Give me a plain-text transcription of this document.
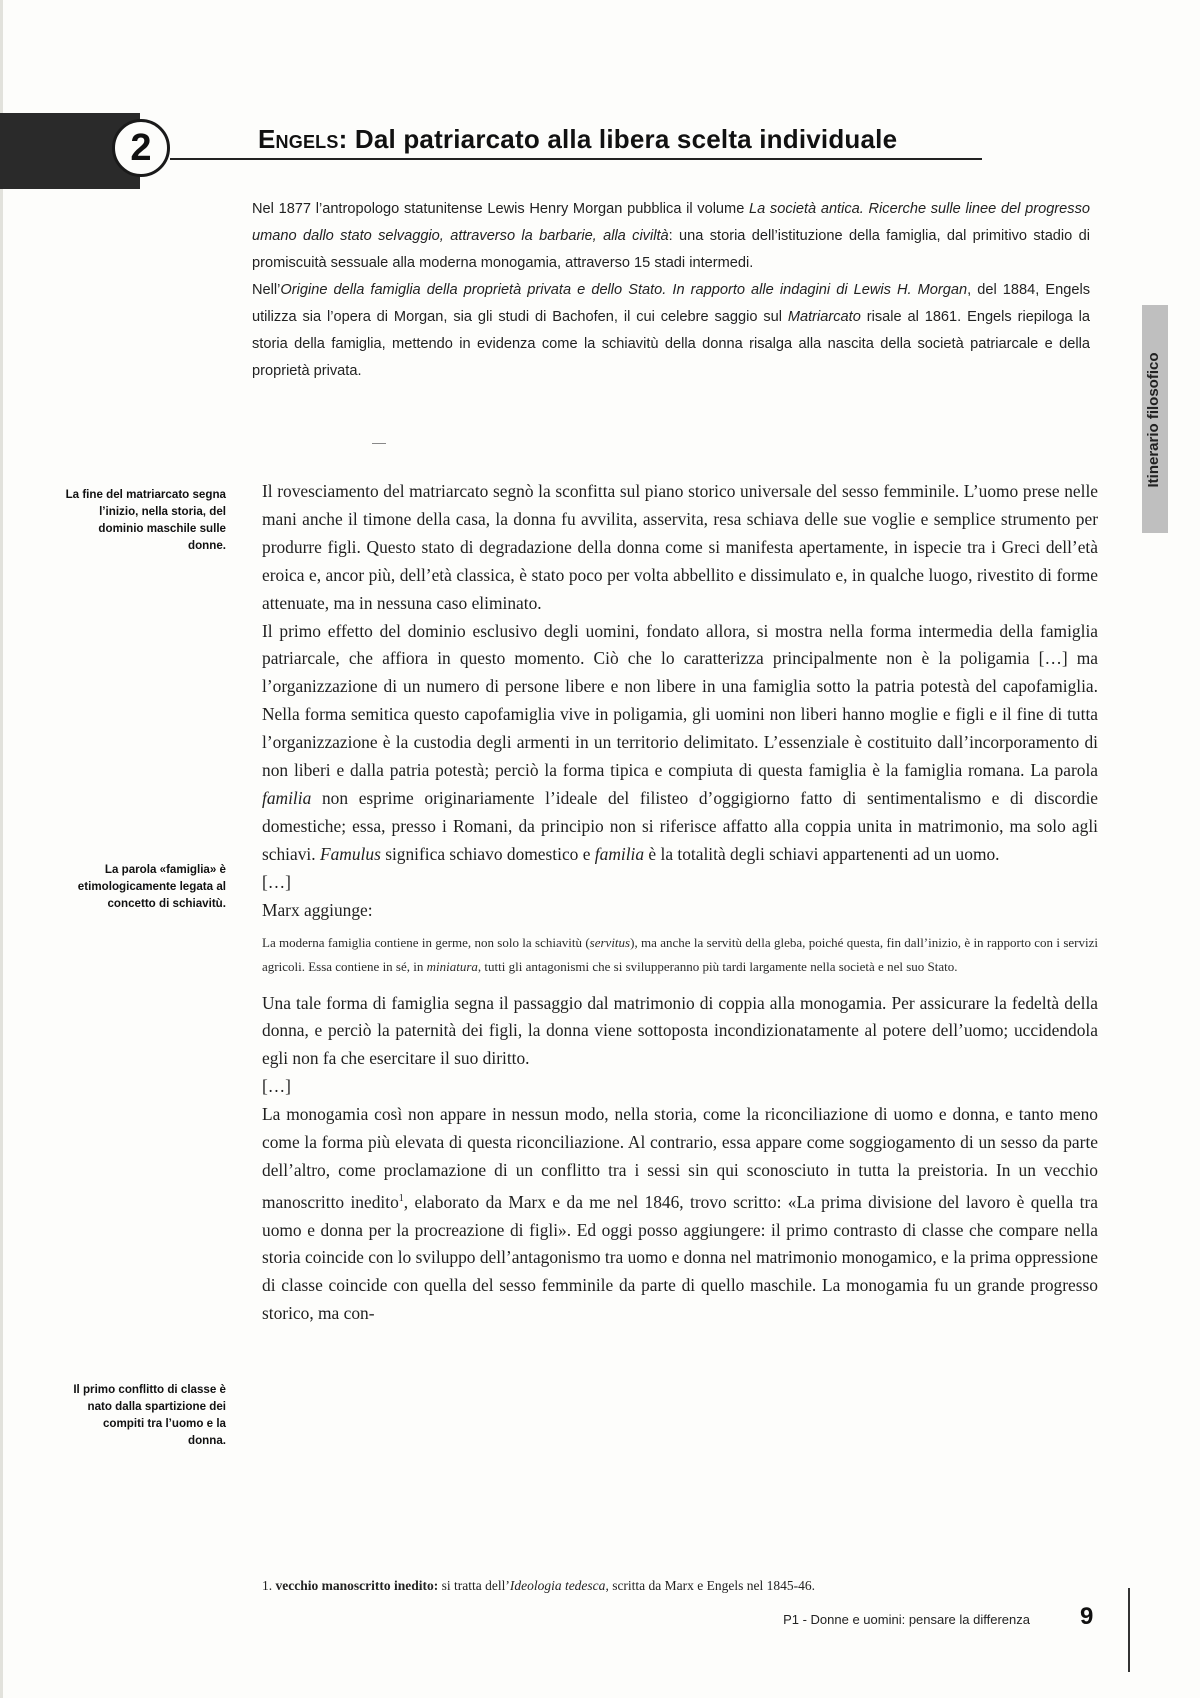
2	Engels: Dal patriarcato alla libera scelta individuale

Nel 1877 l’antropologo statunitense Lewis Henry Morgan pubblica il volume La società antica. Ricerche sulle linee del progresso umano dallo stato selvaggio, attraverso la barbarie, alla civiltà: una storia dell’istituzione della famiglia, dal primitivo stadio di promiscuità sessuale alla moderna monogamia, attraverso 15 stadi intermedi.

Nell’Origine della famiglia della proprietà privata e dello Stato. In rapporto alle indagini di Lewis H. Morgan, del 1884, Engels utilizza sia l’opera di Morgan, sia gli studi di Bachofen, il cui celebre saggio sul Matriarcato risale al 1861. Engels riepiloga la storia della famiglia, mettendo in evidenza come la schiavitù della donna risalga alla nascita della società patriarcale e della proprietà privata.	Itinerario filosofico
La fine del matriarcato segna l’inizio, nella storia, del dominio maschile sulle donne.
La parola «famiglia» è etimologicamente legata al concetto di schiavitù.
Il primo conflitto di classe è nato dalla spartizione dei compiti tra l’uomo e la donna.

Il rovesciamento del matriarcato segnò la sconfitta sul piano storico universale del sesso femminile. L’uomo prese nelle mani anche il timone della casa, la donna fu avvilita, asservita, resa schiava delle sue voglie e semplice strumento per produrre figli. Questo stato di degradazione della donna come si manifesta apertamente, in ispecie tra i Greci dell’età eroica e, ancor più, dell’età classica, è stato poco per volta abbellito e dissimulato e, in qualche luogo, rivestito di forme attenuate, ma in nessuna caso eliminato.

Il primo effetto del dominio esclusivo degli uomini, fondato allora, si mostra nella forma intermedia della famiglia patriarcale, che affiora in questo momento. Ciò che lo caratterizza principalmente non è la poligamia […] ma l’organizzazione di un numero di persone libere e non libere in una famiglia sotto la patria potestà del capofamiglia. Nella forma semitica questo capofamiglia vive in poligamia, gli uomini non liberi hanno moglie e figli e il fine di tutta l’organizzazione è la custodia degli armenti in un territorio delimitato. L’essenziale è costituito dall’incorporamento di non liberi e dalla patria potestà; perciò la forma tipica e compiuta di questa famiglia è la famiglia romana. La parola familia non esprime originariamente l’ideale del filisteo d’oggigiorno fatto di sentimentalismo e di discordie domestiche; essa, presso i Romani, da principio non si riferisce affatto alla coppia unita in matrimonio, ma solo agli schiavi. Famulus significa schiavo domestico e familia è la totalità degli schiavi appartenenti ad un uomo.

[…]

Marx aggiunge:

La moderna famiglia contiene in germe, non solo la schiavitù (servitus), ma anche la servitù della gleba, poiché questa, fin dall’inizio, è in rapporto con i servizi agricoli. Essa contiene in sé, in miniatura, tutti gli antagonismi che si svilupperanno più tardi largamente nella società e nel suo Stato.

Una tale forma di famiglia segna il passaggio dal matrimonio di coppia alla monogamia. Per assicurare la fedeltà della donna, e perciò la paternità dei figli, la donna viene sottoposta incondizionatamente al potere dell’uomo; uccidendola egli non fa che esercitare il suo diritto.

[…]

La monogamia così non appare in nessun modo, nella storia, come la riconciliazione di uomo e donna, e tanto meno come la forma più elevata di questa riconciliazione. Al contrario, essa appare come soggiogamento di un sesso da parte dell’altro, come proclamazione di un conflitto tra i sessi sin qui sconosciuto in tutta la preistoria. In un vecchio manoscritto inedito$^1$, elaborato da Marx e da me nel 1846, trovo scritto: «La prima divisione del lavoro è quella tra uomo e donna per la procreazione di figli». Ed oggi posso aggiungere: il primo contrasto di classe che compare nella storia coincide con lo sviluppo dell’antagonismo tra uomo e donna nel matrimonio monogamico, e la prima oppressione di classe coincide con quella del sesso femminile da parte di quello maschile. La monogamia fu un grande progresso storico, ma con-

1. vecchio manoscritto inedito: si tratta dell’Ideologia tedesca, scritta da Marx e Engels nel 1845-46.
P1 - Donne e uomini: pensare la differenza 9
